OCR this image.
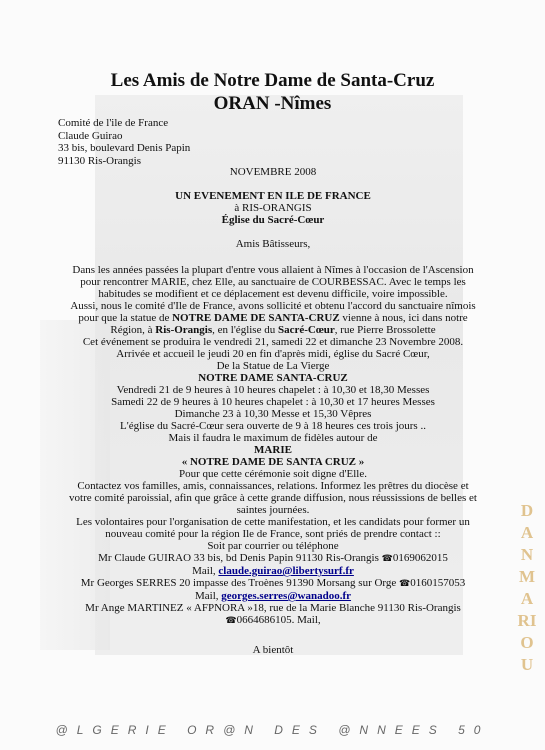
Les Amis de Notre Dame de Santa-Cruz
ORAN -Nîmes
Comité de l'ile de France
Claude Guirao
33 bis, boulevard Denis Papin
91130 Ris-Orangis
NOVEMBRE 2008
UN EVENEMENT EN ILE DE FRANCE
à RIS-ORANGIS
Église du Sacré-Cœur
Amis Bâtisseurs,
Dans les années passées la plupart d'entre vous allaient à Nîmes à l'occasion de l'Ascension
pour rencontrer MARIE, chez Elle, au sanctuaire de COURBESSAC. Avec le temps les
habitudes se modifient et ce déplacement est devenu difficile, voire impossible.
Aussi, nous le comité d'Ile de France, avons sollicité et obtenu l'accord du sanctuaire nîmois
pour que la statue de NOTRE DAME DE SANTA-CRUZ vienne à nous, ici dans notre
Région, à Ris-Orangis, en l'église du Sacré-Cœur, rue Pierre Brossolette
Cet événement se produira le vendredi 21, samedi 22 et dimanche 23 Novembre 2008.
Arrivée et accueil le jeudi 20 en fin d'après midi, église du Sacré Cœur,
De la Statue de La Vierge
NOTRE DAME SANTA-CRUZ
Vendredi 21 de 9 heures à 10 heures chapelet : à 10,30 et 18,30 Messes
Samedi 22 de 9 heures à 10 heures chapelet : à 10,30 et 17 heures Messes
Dimanche 23 à 10,30 Messe et 15,30 Vêpres
L'église du Sacré-Cœur sera ouverte de 9 à 18 heures ces trois jours ..
Mais il faudra le maximum de fidèles autour de
MARIE
« NOTRE DAME DE SANTA CRUZ »
Pour que cette cérémonie soit digne d'Elle.
Contactez vos familles, amis, connaissances, relations. Informez les prêtres du diocèse et
votre comité paroissial, afin que grâce à cette grande diffusion, nous réussissions de belles et
saintes journées.
Les volontaires pour l'organisation de cette manifestation, et les candidats pour former un
nouveau comité pour la région Ile de France, sont priés de prendre contact ::
Soit par courrier ou téléphone
Mr Claude GUIRAO 33 bis, bd Denis Papin 91130 Ris-Orangis ☎0169062015
Mail, claude.guirao@libertysurf.fr
Mr Georges SERRES 20 impasse des Troènes 91390 Morsang sur Orge ☎0160157053
Mail, georges.serres@wanadoo.fr
Mr Ange MARTINEZ « AFPNORA »18, rue de la Marie Blanche 91130 Ris-Orangis
☎0664686105. Mail,
A bientôt
DANMARIOU
@LGERIE OR@N DES @NNEES 50
